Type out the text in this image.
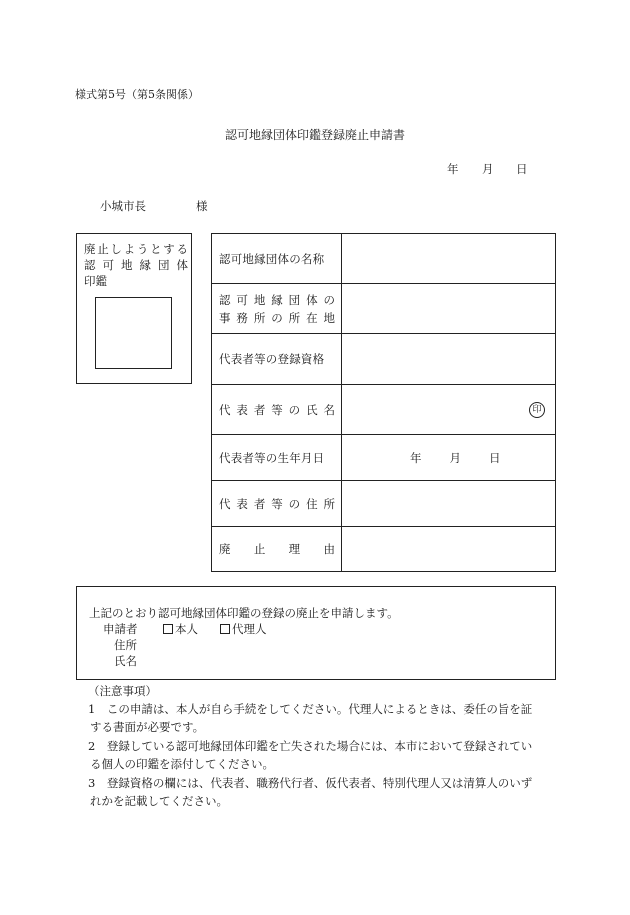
様式第5号（第5条関係）
認可地縁団体印鑑登録廃止申請書
年 月 日
小城市長	様
廃止しようとする
認可地縁団体
印鑑
認可地縁団体の名称	

認可地縁団体の
事務所の所在地	

代表者等の登録資格	

代表者等の氏名	印

代表者等の生年月日	年 月 日

代表者等の住所	

廃止理由	

上記のとおり認可地縁団体印鑑の登録の廃止を申請します。
申請者	本人	代理人
住所
氏名
（注意事項）
1　この申請は、本人が自ら手続をしてください。代理人によるときは、委任の旨を証
する書面が必要です。
2　登録している認可地縁団体印鑑を亡失された場合には、本市において登録されてい
る個人の印鑑を添付してください。
3　登録資格の欄には、代表者、職務代行者、仮代表者、特別代理人又は清算人のいず
れかを記載してください。
